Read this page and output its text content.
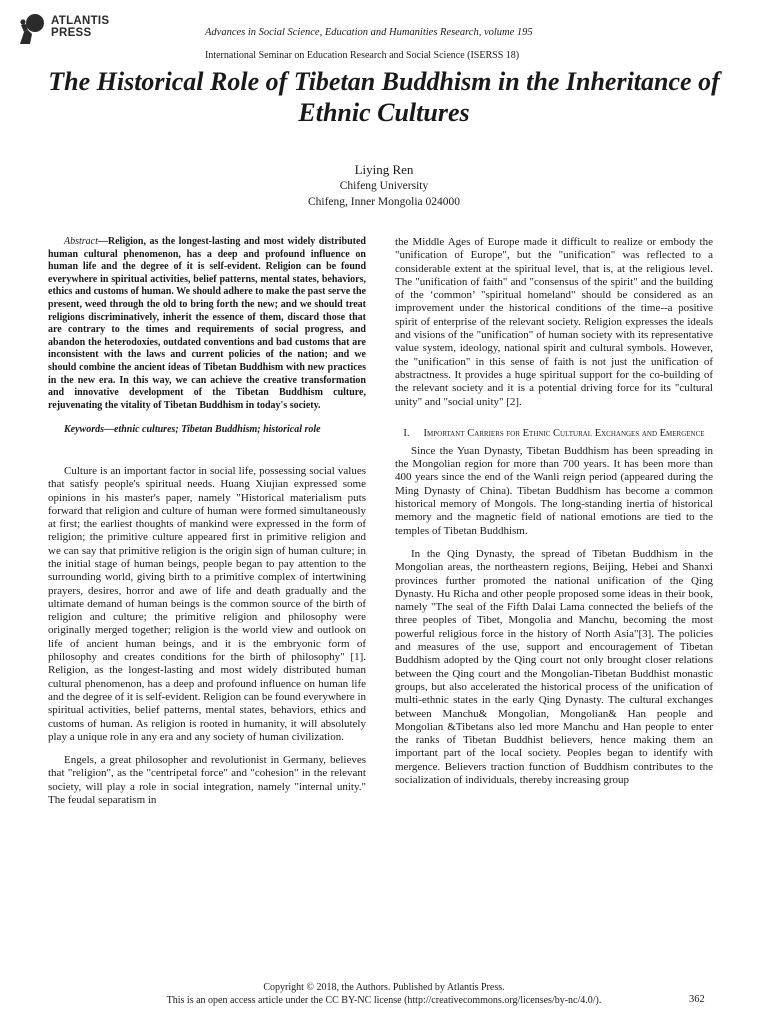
ATLANTIS
PRESS	Advances in Social Science, Education and Humanities Research, volume 195
International Seminar on Education Research and Social Science (ISERSS 18)
The Historical Role of Tibetan Buddhism in the Inheritance of Ethnic Cultures
Liying Ren
Chifeng University
Chifeng, Inner Mongolia 024000

Abstract—Religion, as the longest-lasting and most widely distributed human cultural phenomenon, has a deep and profound influence on human life and the degree of it is self-evident. Religion can be found everywhere in spiritual activities, belief patterns, mental states, behaviors, ethics and customs of human. We should adhere to make the past serve the present, weed through the old to bring forth the new; and we should treat religions discriminatively, inherit the essence of them, discard those that are contrary to the times and requirements of social progress, and abandon the heterodoxies, outdated conventions and bad customs that are inconsistent with the laws and current policies of the nation; and we should combine the ancient ideas of Tibetan Buddhism with new practices in the new era. In this way, we can achieve the creative transformation and innovative development of the Tibetan Buddhism culture, rejuvenating the vitality of Tibetan Buddhism in today's society.

Keywords—ethnic cultures; Tibetan Buddhism; historical role

Culture is an important factor in social life, possessing social values that satisfy people's spiritual needs. Huang Xiujian expressed some opinions in his master's paper, namely "Historical materialism puts forward that religion and culture of human were formed simultaneously at first; the earliest thoughts of mankind were expressed in the form of religion; the primitive culture appeared first in primitive religion and we can say that primitive religion is the origin sign of human culture; in the initial stage of human beings, people began to pay attention to the surrounding world, giving birth to a primitive complex of intertwining prayers, desires, horror and awe of life and death gradually and the ultimate demand of human beings is the common source of the birth of religion and culture; the primitive religion and philosophy were originally merged together; religion is the world view and outlook on life of ancient human beings, and it is the embryonic form of philosophy and creates conditions for the birth of philosophy" [1]. Religion, as the longest-lasting and most widely distributed human cultural phenomenon, has a deep and profound influence on human life and the degree of it is self-evident. Religion can be found everywhere in spiritual activities, belief patterns, mental states, behaviors, ethics and customs of human. As religion is rooted in humanity, it will absolutely play a unique role in any era and any society of human civilization.

Engels, a great philosopher and revolutionist in Germany, believes that "religion", as the "centripetal force" and "cohesion" in the relevant society, will play a role in social integration, namely "internal unity." The feudal separatism in

the Middle Ages of Europe made it difficult to realize or embody the "unification of Europe", but the "unification" was reflected to a considerable extent at the spiritual level, that is, at the religious level. The "unification of faith" and "consensus of the spirit" and the building of the ‘common’ "spiritual homeland" should be considered as an improvement under the historical conditions of the time--a positive spirit of enterprise of the relevant society. Religion expresses the ideals and visions of the "unification" of human society with its representative value system, ideology, national spirit and cultural symbols. However, the "unification" in this sense of faith is not just the unification of abstractness. It provides a huge spiritual support for the co-building of the relevant society and it is a potential driving force for its "cultural unity" and "social unity" [2].

I. Important Carriers for Ethnic Cultural Exchanges and Emergence

Since the Yuan Dynasty, Tibetan Buddhism has been spreading in the Mongolian region for more than 700 years. It has been more than 400 years since the end of the Wanli reign period (appeared during the Ming Dynasty of China). Tibetan Buddhism has become a common historical memory of Mongols. The long-standing inertia of historical memory and the magnetic field of national emotions are tied to the temples of Tibetan Buddhism.

In the Qing Dynasty, the spread of Tibetan Buddhism in the Mongolian areas, the northeastern regions, Beijing, Hebei and Shanxi provinces further promoted the national unification of the Qing Dynasty. Hu Richa and other people proposed some ideas in their book, namely "The seal of the Fifth Dalai Lama connected the beliefs of the three peoples of Tibet, Mongolia and Manchu, becoming the most powerful religious force in the history of North Asia"[3]. The policies and measures of the use, support and encouragement of Tibetan Buddhism adopted by the Qing court not only brought closer relations between the Qing court and the Mongolian-Tibetan Buddhist monastic groups, but also accelerated the historical process of the unification of multi-ethnic states in the early Qing Dynasty. The cultural exchanges between Manchu& Mongolian, Mongolian& Han people and Mongolian &Tibetans also led more Manchu and Han people to enter the ranks of Tibetan Buddhist believers, hence making them an important part of the local society. Peoples began to identify with mergence. Believers traction function of Buddhism contributes to the socialization of individuals, thereby increasing group

Copyright © 2018, the Authors. Published by Atlantis Press.
This is an open access article under the CC BY-NC license (http://creativecommons.org/licenses/by-nc/4.0/).	362
